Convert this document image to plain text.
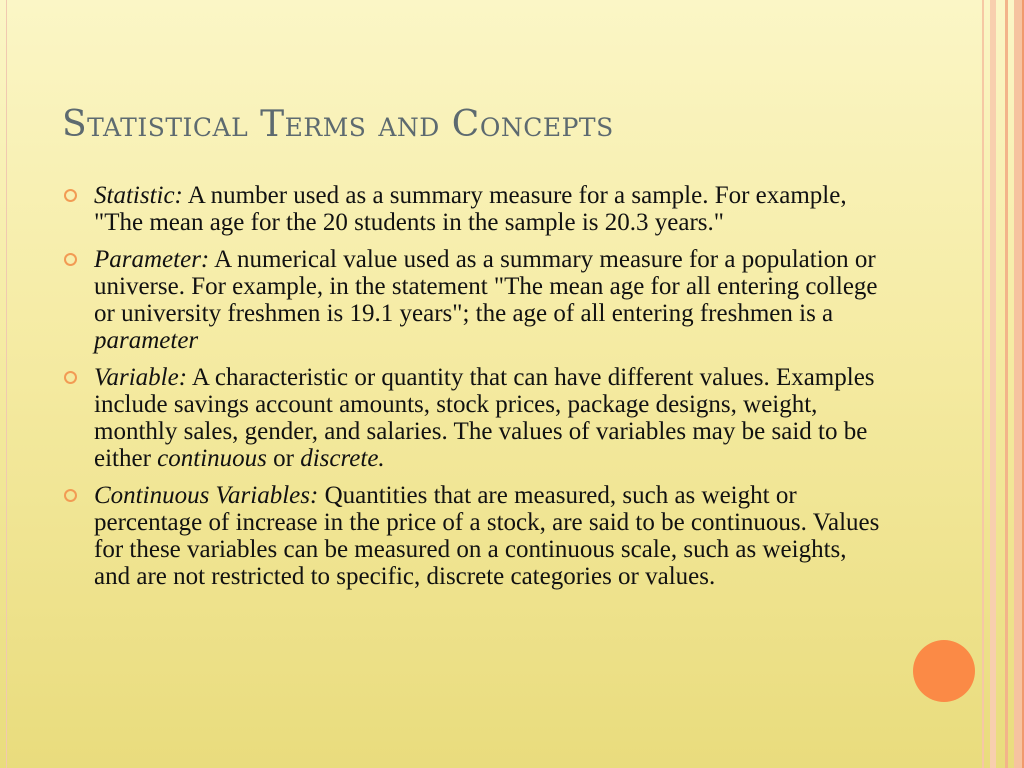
Statistical Terms and Concepts
Statistic: A number used as a summary measure for a sample. For example, "The mean age for the 20 students in the sample is 20.3 years."
Parameter: A numerical value used as a summary measure for a population or universe. For example, in the statement "The mean age for all entering college or university freshmen is 19.1 years"; the age of all entering freshmen is a parameter
Variable: A characteristic or quantity that can have different values. Examples include savings account amounts, stock prices, package designs, weight, monthly sales, gender, and salaries. The values of variables may be said to be either continuous or discrete.
Continuous Variables: Quantities that are measured, such as weight or percentage of increase in the price of a stock, are said to be continuous. Values for these variables can be measured on a continuous scale, such as weights, and are not restricted to specific, discrete categories or values.
